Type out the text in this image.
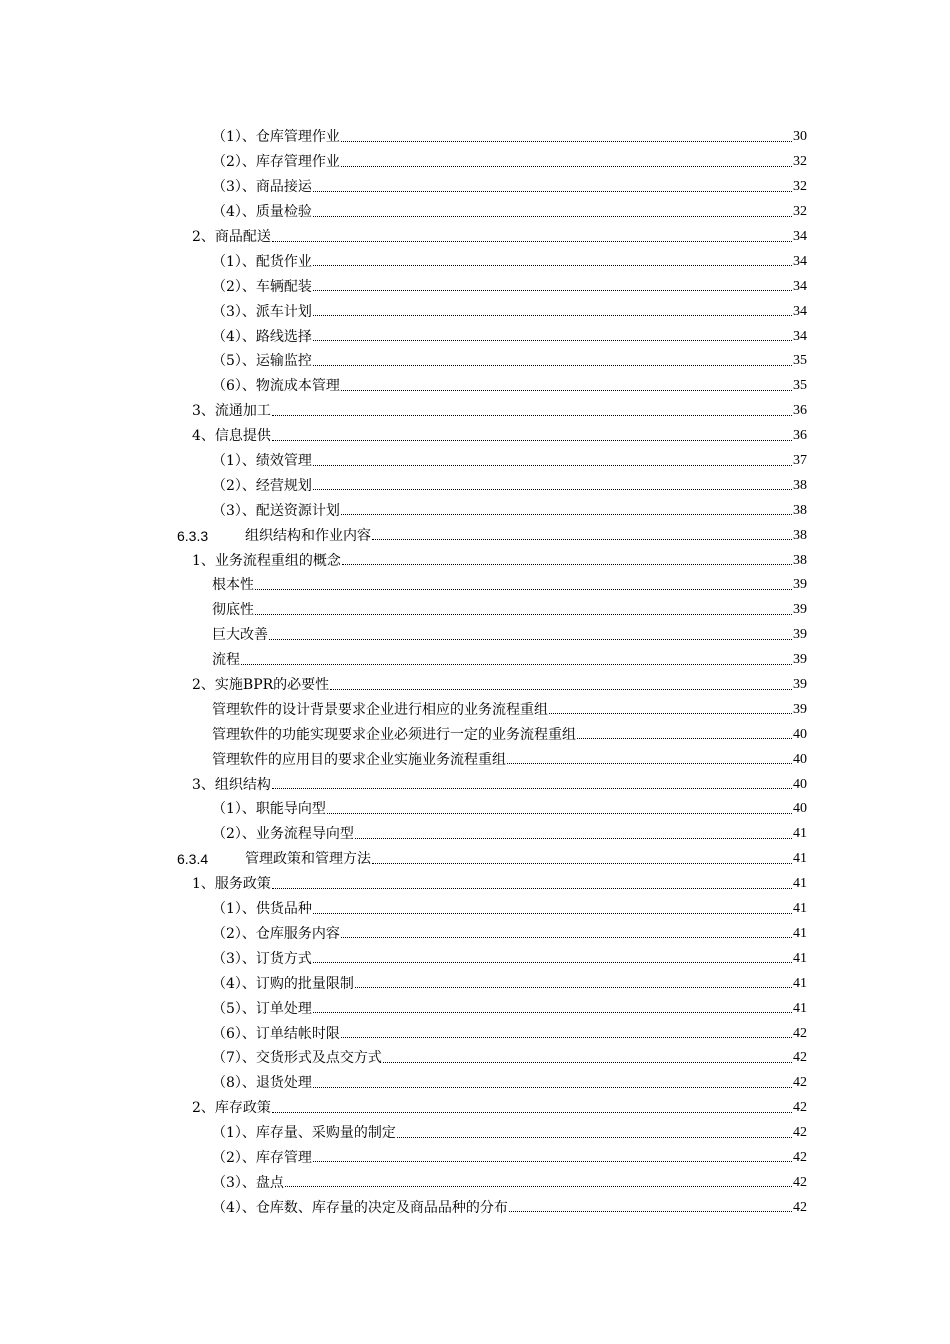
（1）、仓库管理作业	30
（2）、库存管理作业	32
（3）、商品接运	32
（4）、质量检验	32
2、商品配送	34
（1）、配货作业	34
（2）、车辆配装	34
（3）、派车计划	34
（4）、路线选择	34
（5）、运输监控	35
（6）、物流成本管理	35
3、流通加工	36
4、信息提供	36
（1）、绩效管理	37
（2）、经营规划	38
（3）、配送资源计划	38
6.3.3	组织结构和作业内容	38
1、业务流程重组的概念	38
根本性	39
彻底性	39
巨大改善	39
流程	39
2、实施BPR的必要性	39
管理软件的设计背景要求企业进行相应的业务流程重组	39
管理软件的功能实现要求企业必须进行一定的业务流程重组	40
管理软件的应用目的要求企业实施业务流程重组	40
3、组织结构	40
（1）、职能导向型	40
（2）、业务流程导向型	41
6.3.4	管理政策和管理方法	41
1、服务政策	41
（1）、供货品种	41
（2）、仓库服务内容	41
（3）、订货方式	41
（4）、订购的批量限制	41
（5）、订单处理	41
（6）、订单结帐时限	42
（7）、交货形式及点交方式	42
（8）、退货处理	42
2、库存政策	42
（1）、库存量、采购量的制定	42
（2）、库存管理	42
（3）、盘点	42
（4）、仓库数、库存量的决定及商品品种的分布	42
